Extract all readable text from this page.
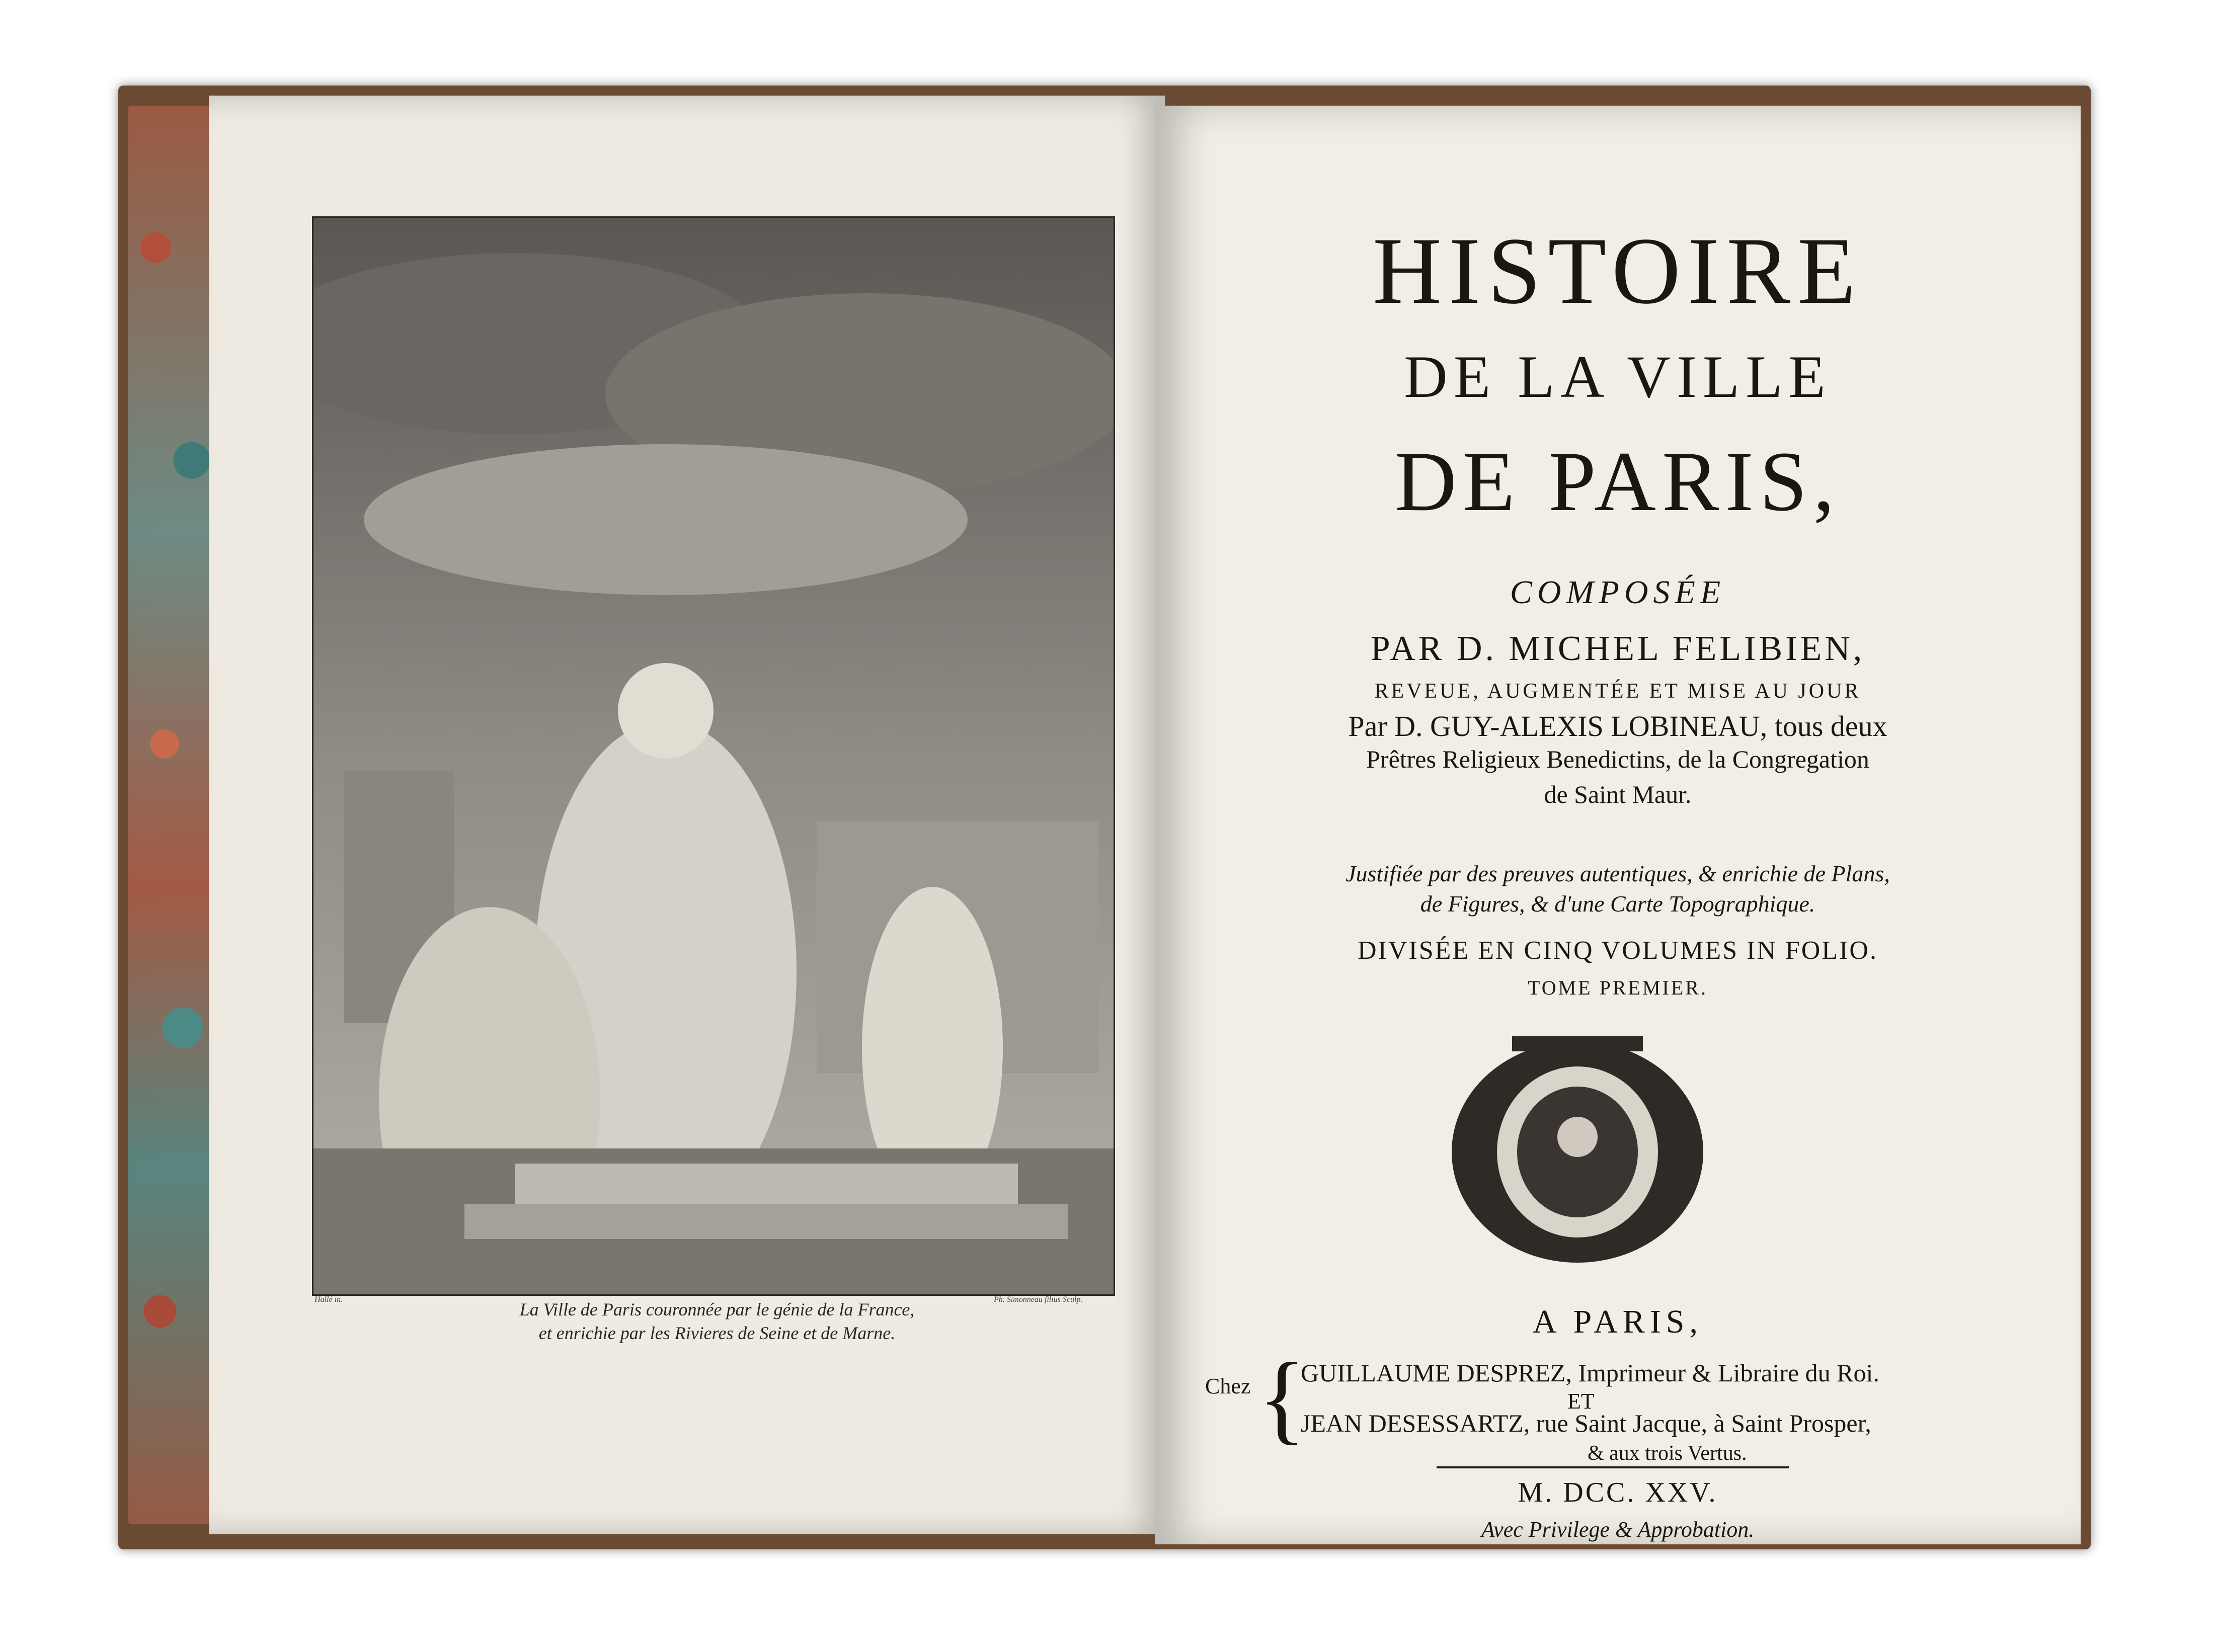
La Ville de Paris couronnée par le génie de la France,
et enrichie par les Rivieres de Seine et de Marne.
Hallé in.	Ph. Simonneau filius Sculp.
HISTOIRE
DE LA VILLE
DE PARIS,
COMPOSÉE
PAR D. MICHEL FELIBIEN,
REVEUE, AUGMENTÉE ET MISE AU JOUR
Par D. GUY-ALEXIS LOBINEAU, tous deux
Prêtres Religieux Benedictins, de la Congregation
de Saint Maur.
Justifiée par des preuves autentiques, & enrichie de Plans,
de Figures, & d'une Carte Topographique.
DIVISÉE EN CINQ VOLUMES IN FOLIO.
TOME PREMIER.
A PARIS,
Chez {
GUILLAUME DESPREZ, Imprimeur & Libraire du Roi.
ET
JEAN DESESSARTZ, rue Saint Jacque, à Saint Prosper,
& aux trois Vertus.
M. DCC. XXV.
Avec Privilege & Approbation.
